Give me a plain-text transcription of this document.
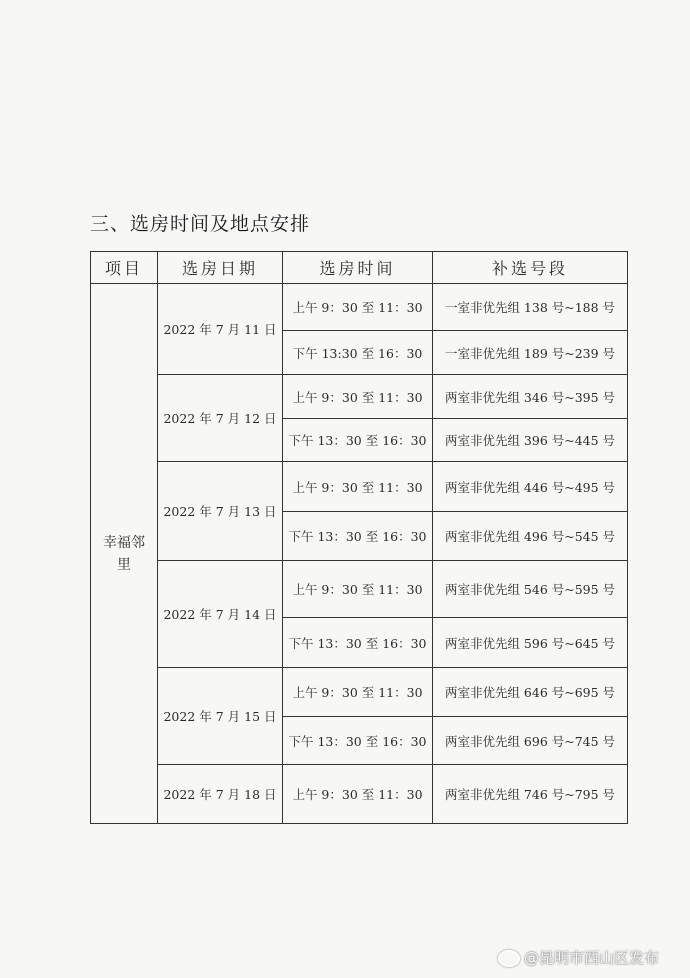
三、选房时间及地点安排
项目	选房日期	选房时间	补选号段
幸福邻里	2022 年 7 月 11 日	上午 9：30 至 11：30	一室非优先组 138 号~188 号
		下午 13:30 至 16：30	一室非优先组 189 号~239 号
	2022 年 7 月 12 日	上午 9：30 至 11：30	两室非优先组 346 号~395 号
		下午 13：30 至 16：30	两室非优先组 396 号~445 号
	2022 年 7 月 13 日	上午 9：30 至 11：30	两室非优先组 446 号~495 号
		下午 13：30 至 16：30	两室非优先组 496 号~545 号
	2022 年 7 月 14 日	上午 9：30 至 11：30	两室非优先组 546 号~595 号
		下午 13：30 至 16：30	两室非优先组 596 号~645 号
	2022 年 7 月 15 日	上午 9：30 至 11：30	两室非优先组 646 号~695 号
		下午 13：30 至 16：30	两室非优先组 696 号~745 号
	2022 年 7 月 18 日	上午 9：30 至 11：30	两室非优先组 746 号~795 号
@昆明市西山区发布
